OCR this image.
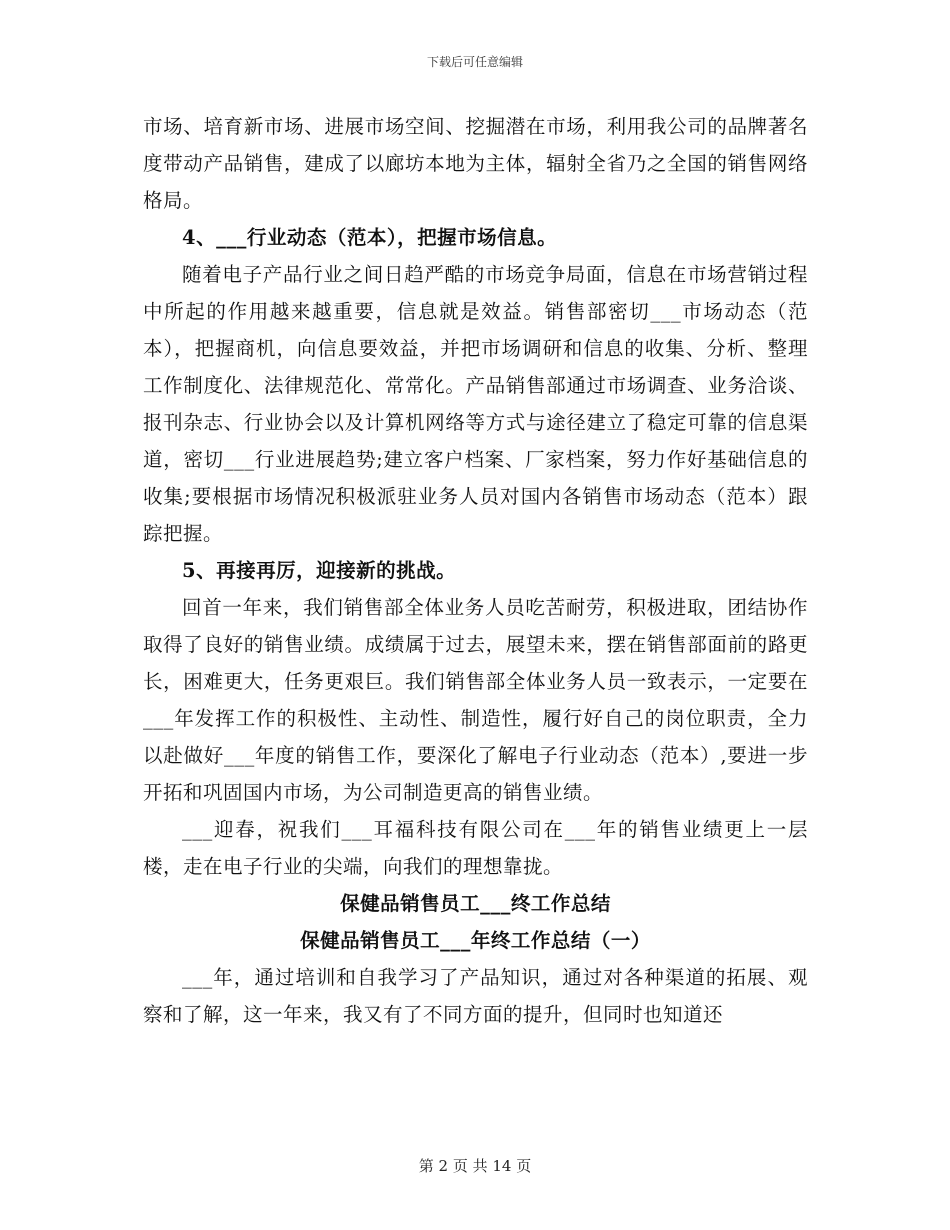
下载后可任意编辑

市场、培育新市场、进展市场空间、挖掘潜在市场，利用我公司的品牌著名度带动产品销售，建成了以廊坊本地为主体，辐射全省乃之全国的销售网络格局。

4、___行业动态（范本），把握市场信息。

随着电子产品行业之间日趋严酷的市场竞争局面，信息在市场营销过程中所起的作用越来越重要，信息就是效益。销售部密切___市场动态（范本），把握商机，向信息要效益，并把市场调研和信息的收集、分析、整理工作制度化、法律规范化、常常化。产品销售部通过市场调查、业务洽谈、报刊杂志、行业协会以及计算机网络等方式与途径建立了稳定可靠的信息渠道，密切___行业进展趋势;建立客户档案、厂家档案，努力作好基础信息的收集;要根据市场情况积极派驻业务人员对国内各销售市场动态（范本）跟踪把握。

5、再接再厉，迎接新的挑战。

回首一年来，我们销售部全体业务人员吃苦耐劳，积极进取，团结协作取得了良好的销售业绩。成绩属于过去，展望未来，摆在销售部面前的路更长，困难更大，任务更艰巨。我们销售部全体业务人员一致表示，一定要在___年发挥工作的积极性、主动性、制造性，履行好自己的岗位职责，全力以赴做好___年度的销售工作，要深化了解电子行业动态（范本）,要进一步开拓和巩固国内市场，为公司制造更高的销售业绩。

___迎春，祝我们___耳福科技有限公司在___年的销售业绩更上一层楼，走在电子行业的尖端，向我们的理想靠拢。

保健品销售员工___终工作总结

保健品销售员工___年终工作总结（一）

___年，通过培训和自我学习了产品知识，通过对各种渠道的拓展、观察和了解，这一年来，我又有了不同方面的提升，但同时也知道还

第 2 页 共 14 页
